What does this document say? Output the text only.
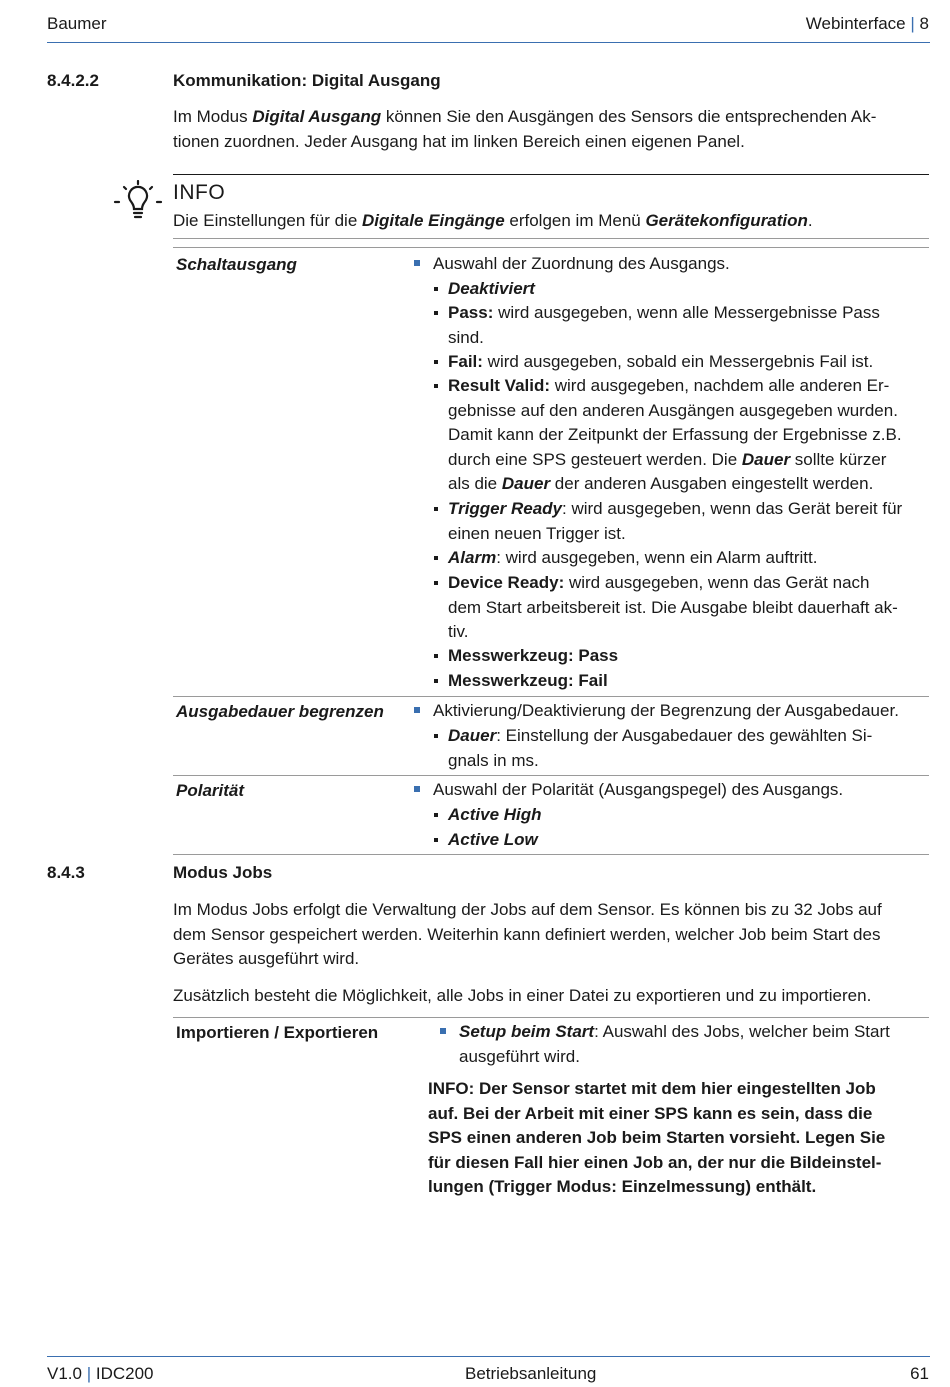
Baumer	Webinterface | 8
8.4.2.2	Kommunikation: Digital Ausgang
Im Modus Digital Ausgang können Sie den Ausgängen des Sensors die entsprechenden Ak-
tionen zuordnen. Jeder Ausgang hat im linken Bereich einen eigenen Panel.
INFO
Die Einstellungen für die Digitale Eingänge erfolgen im Menü Gerätekonfiguration.
Schaltausgang	Auswahl der Zuordnung des Ausgangs.
Deaktiviert
Pass: wird ausgegeben, wenn alle Messergebnisse Pass
sind.
Fail: wird ausgegeben, sobald ein Messergebnis Fail ist.
Result Valid: wird ausgegeben, nachdem alle anderen Er-
gebnisse auf den anderen Ausgängen ausgegeben wurden.
Damit kann der Zeitpunkt der Erfassung der Ergebnisse z.B.
durch eine SPS gesteuert werden. Die Dauer sollte kürzer
als die Dauer der anderen Ausgaben eingestellt werden.
Trigger Ready: wird ausgegeben, wenn das Gerät bereit für
einen neuen Trigger ist.
Alarm: wird ausgegeben, wenn ein Alarm auftritt.
Device Ready: wird ausgegeben, wenn das Gerät nach
dem Start arbeitsbereit ist. Die Ausgabe bleibt dauerhaft ak-
tiv.
Messwerkzeug: Pass
Messwerkzeug: Fail
Ausgabedauer begrenzen	Aktivierung/Deaktivierung der Begrenzung der Ausgabedauer.
Dauer: Einstellung der Ausgabedauer des gewählten Si-
gnals in ms.
Polarität	Auswahl der Polarität (Ausgangspegel) des Ausgangs.
Active High
Active Low
8.4.3	Modus Jobs
Im Modus Jobs erfolgt die Verwaltung der Jobs auf dem Sensor. Es können bis zu 32 Jobs auf
dem Sensor gespeichert werden. Weiterhin kann definiert werden, welcher Job beim Start des
Gerätes ausgeführt wird.
Zusätzlich besteht die Möglichkeit, alle Jobs in einer Datei zu exportieren und zu importieren.
Importieren / Exportieren	Setup beim Start: Auswahl des Jobs, welcher beim Start
ausgeführt wird.
INFO: Der Sensor startet mit dem hier eingestellten Job
auf. Bei der Arbeit mit einer SPS kann es sein, dass die
SPS einen anderen Job beim Starten vorsieht. Legen Sie
für diesen Fall hier einen Job an, der nur die Bildeinstel-
lungen (Trigger Modus: Einzelmessung) enthält.
V1.0 | IDC200	Betriebsanleitung	61
